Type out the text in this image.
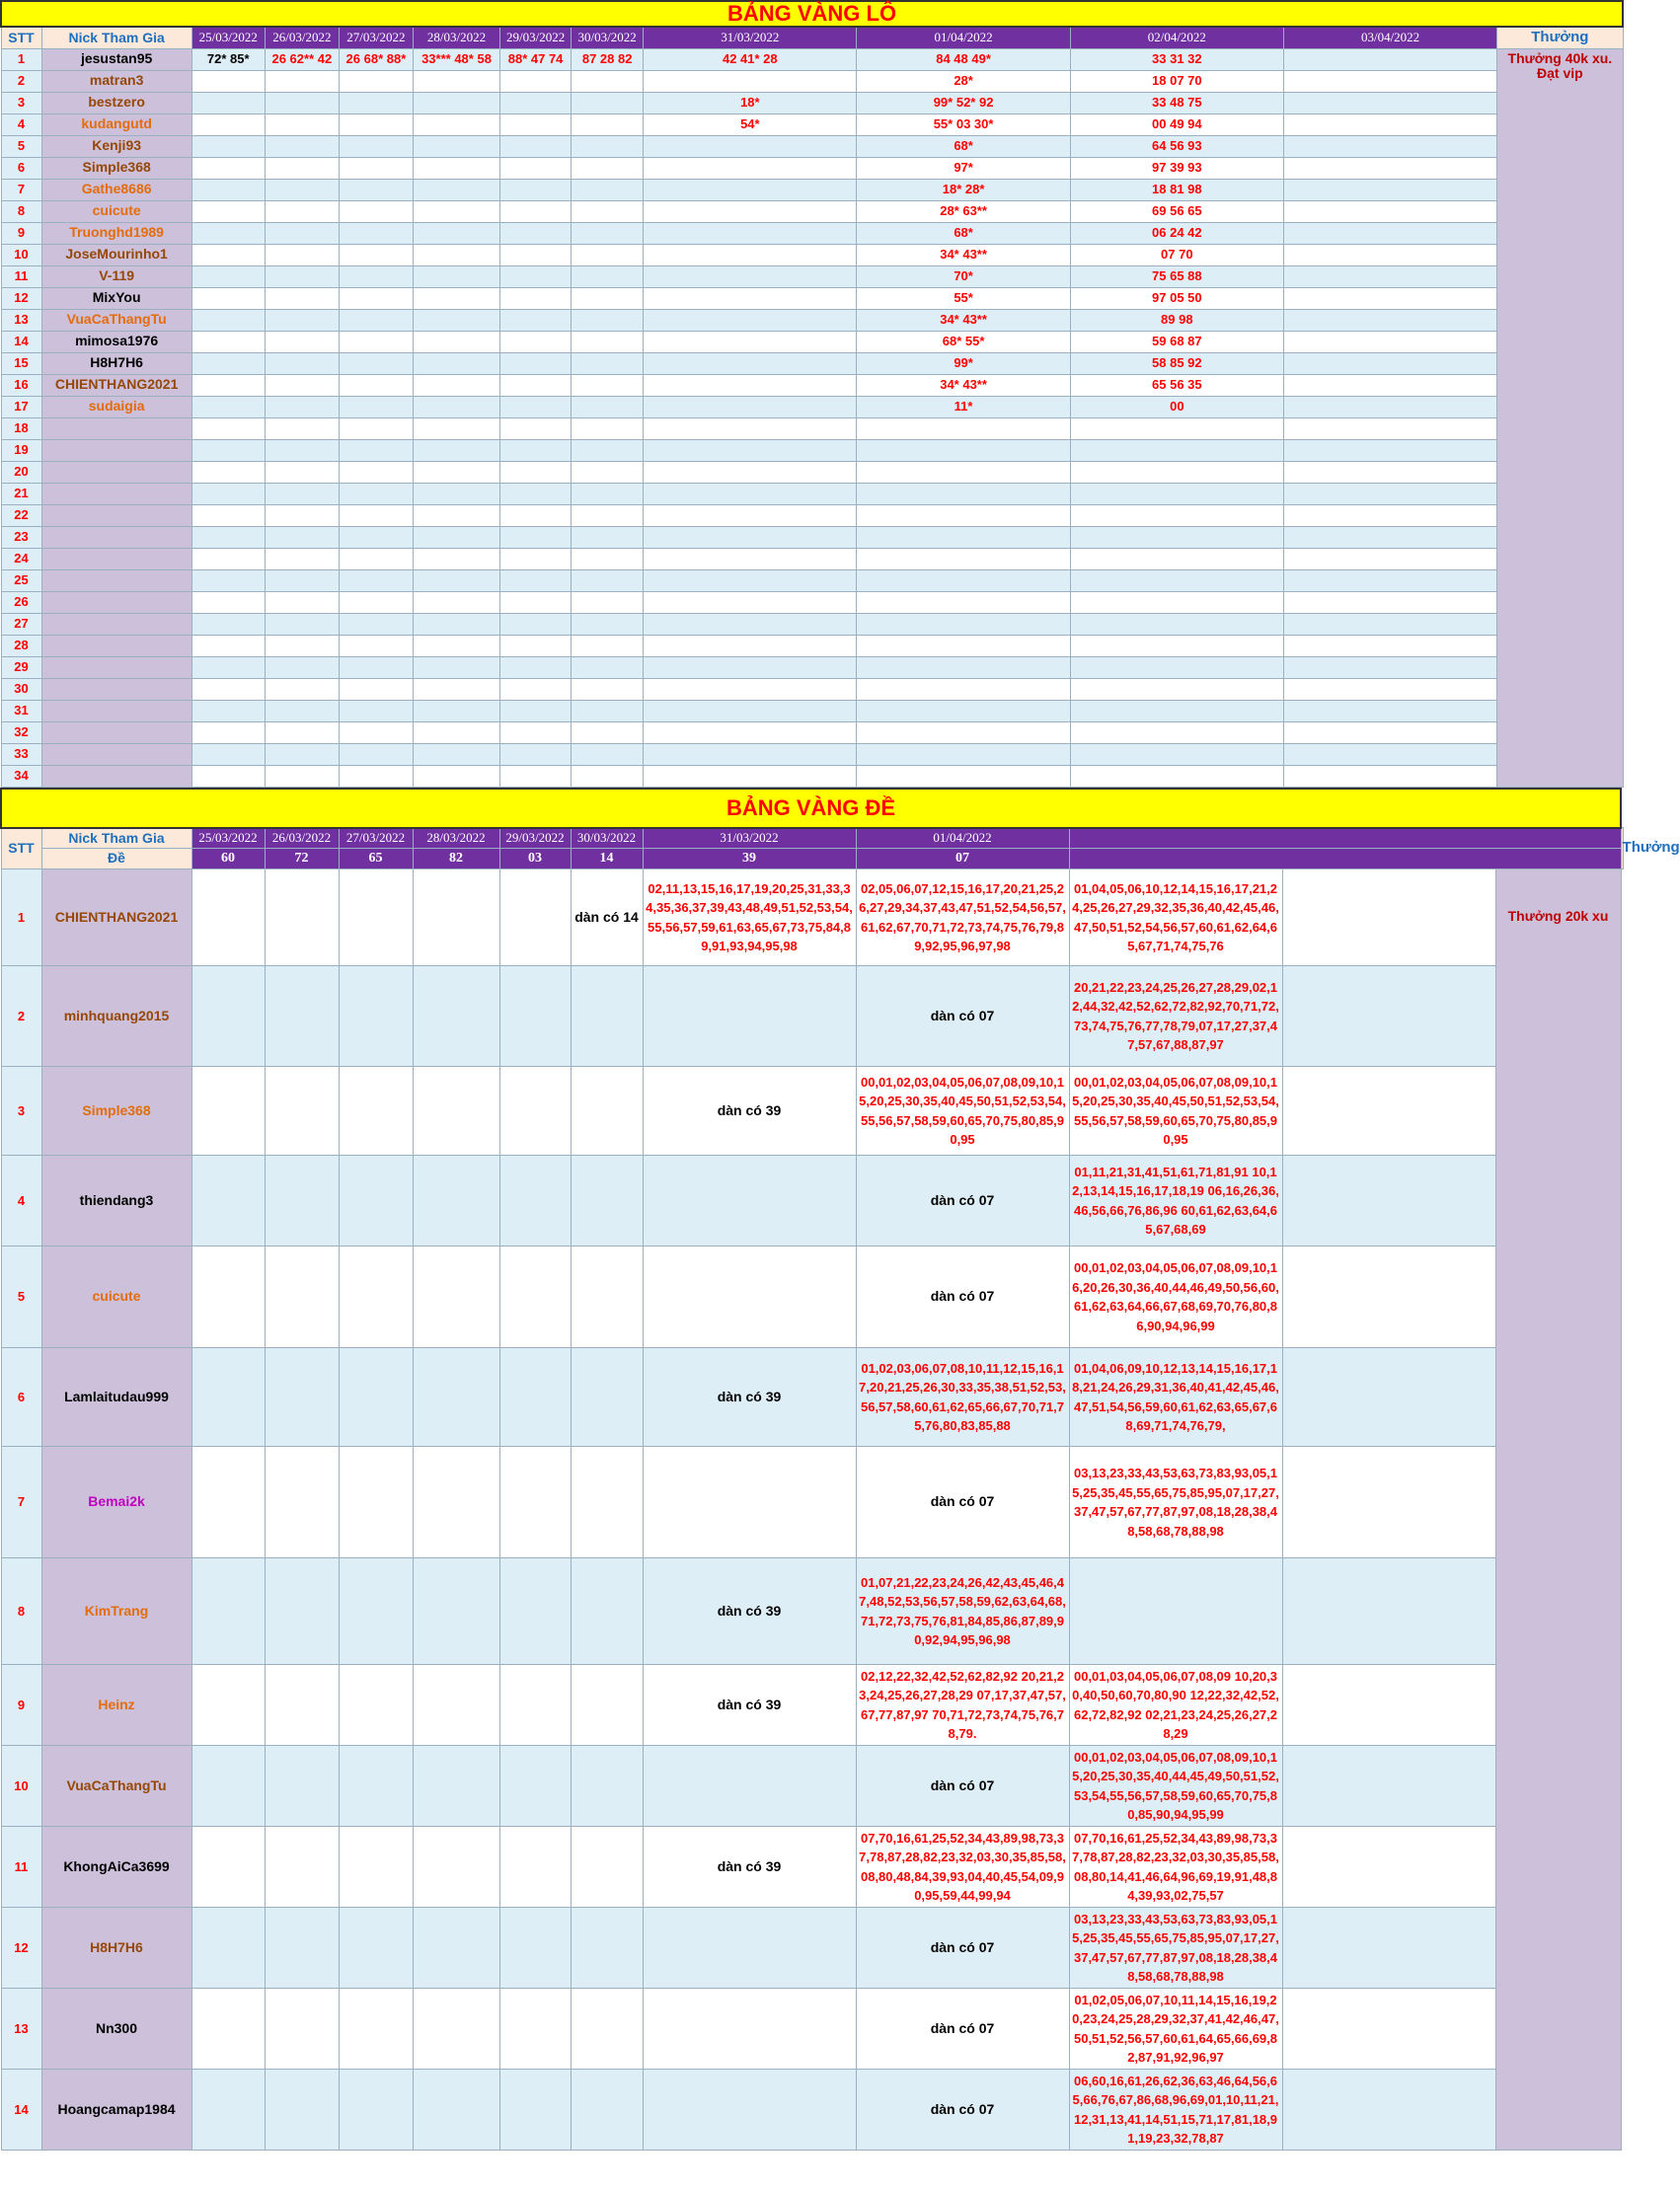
BẢNG VÀNG LÔ												
STT	Nick Tham Gia	25/03/2022	26/03/2022	27/03/2022	28/03/2022	29/03/2022	30/03/2022	31/03/2022	01/04/2022	02/04/2022	03/04/2022	Thưởng
1	jesustan95	72* 85*	26 62** 42	26 68* 88*	33*** 48* 58	88* 47 74	87 28 82	42 41* 28	84 48 49*	33 31 32		Thưởng 40k xu. Đạt vip
2	matran3								28*	18 07 70		
3	bestzero							18*	99* 52* 92	33 48 75		
4	kudangutd							54*	55* 03 30*	00 49 94		
5	Kenji93								68*	64 56 93		
6	Simple368								97*	97 39 93		
7	Gathe8686								18* 28*	18 81 98		
8	cuicute								28* 63**	69 56 65		
9	Truonghd1989								68*	06 24 42		
10	JoseMourinho1								34* 43**	07 70		
11	V-119								70*	75 65 88		
12	MixYou								55*	97 05 50		
13	VuaCaThangTu								34* 43**	89 98		
14	mimosa1976								68* 55*	59 68 87		
15	H8H7H6								99*	58 85 92		
16	CHIENTHANG2021								34* 43**	65 56 35		
17	sudaigia								11*	00		
18												
19												
20												
21												
22												
23												
24												
25												
26												
27												
28												
29												
30												
31												
32												
33												
34												
BẢNG VÀNG ĐỀ													
STT	Nick Tham Gia	25/03/2022	26/03/2022	27/03/2022	28/03/2022	29/03/2022	30/03/2022	31/03/2022	01/04/2022				Thưởng
	Đề	60	72	65	82	03	14	39	07				
1	CHIENTHANG2021						dàn có 14	02,11,13,15,16,17,19,20,25,31,33,34,35,36,37,39,43,48,49,51,52,53,54,55,56,57,59,61,63,65,67,73,75,84,89,91,93,94,95,98	02,05,06,07,12,15,16,17,20,21,25,26,27,29,34,37,43,47,51,52,54,56,57,61,62,67,70,71,72,73,74,75,76,79,89,92,95,96,97,98	01,04,05,06,10,12,14,15,16,17,21,24,25,26,27,29,32,35,36,40,42,45,46,47,50,51,52,54,56,57,60,61,62,64,65,67,71,74,75,76		Thưởng 20k xu	
2	minhquang2015								dàn có 07	20,21,22,23,24,25,26,27,28,29,02,12,44,32,42,52,62,72,82,92,70,71,72,73,74,75,76,77,78,79,07,17,27,37,47,57,67,88,87,97			
3	Simple368							dàn có 39	00,01,02,03,04,05,06,07,08,09,10,15,20,25,30,35,40,45,50,51,52,53,54,55,56,57,58,59,60,65,70,75,80,85,90,95	00,01,02,03,04,05,06,07,08,09,10,15,20,25,30,35,40,45,50,51,52,53,54,55,56,57,58,59,60,65,70,75,80,85,90,95			
4	thiendang3								dàn có 07	01,11,21,31,41,51,61,71,81,91 10,12,13,14,15,16,17,18,19 06,16,26,36,46,56,66,76,86,96 60,61,62,63,64,65,67,68,69			
5	cuicute								dàn có 07	00,01,02,03,04,05,06,07,08,09,10,16,20,26,30,36,40,44,46,49,50,56,60,61,62,63,64,66,67,68,69,70,76,80,86,90,94,96,99			
6	Lamlaitudau999							dàn có 39	01,02,03,06,07,08,10,11,12,15,16,17,20,21,25,26,30,33,35,38,51,52,53,56,57,58,60,61,62,65,66,67,70,71,75,76,80,83,85,88	01,04,06,09,10,12,13,14,15,16,17,18,21,24,26,29,31,36,40,41,42,45,46,47,51,54,56,59,60,61,62,63,65,67,68,69,71,74,76,79,			
7	Bemai2k								dàn có 07	03,13,23,33,43,53,63,73,83,93,05,15,25,35,45,55,65,75,85,95,07,17,27,37,47,57,67,77,87,97,08,18,28,38,48,58,68,78,88,98			
8	KimTrang							dàn có 39	01,07,21,22,23,24,26,42,43,45,46,47,48,52,53,56,57,58,59,62,63,64,68,71,72,73,75,76,81,84,85,86,87,89,90,92,94,95,96,98				
9	Heinz							dàn có 39	02,12,22,32,42,52,62,82,92 20,21,23,24,25,26,27,28,29 07,17,37,47,57,67,77,87,97 70,71,72,73,74,75,76,78,79.	00,01,03,04,05,06,07,08,09 10,20,30,40,50,60,70,80,90 12,22,32,42,52,62,72,82,92 02,21,23,24,25,26,27,28,29			
10	VuaCaThangTu								dàn có 07	00,01,02,03,04,05,06,07,08,09,10,15,20,25,30,35,40,44,45,49,50,51,52,53,54,55,56,57,58,59,60,65,70,75,80,85,90,94,95,99			
11	KhongAiCa3699							dàn có 39	07,70,16,61,25,52,34,43,89,98,73,37,78,87,28,82,23,32,03,30,35,85,58,08,80,48,84,39,93,04,40,45,54,09,90,95,59,44,99,94	07,70,16,61,25,52,34,43,89,98,73,37,78,87,28,82,23,32,03,30,35,85,58,08,80,14,41,46,64,96,69,19,91,48,84,39,93,02,75,57			
12	H8H7H6								dàn có 07	03,13,23,33,43,53,63,73,83,93,05,15,25,35,45,55,65,75,85,95,07,17,27,37,47,57,67,77,87,97,08,18,28,38,48,58,68,78,88,98			
13	Nn300								dàn có 07	01,02,05,06,07,10,11,14,15,16,19,20,23,24,25,28,29,32,37,41,42,46,47,50,51,52,56,57,60,61,64,65,66,69,82,87,91,92,96,97			
14	Hoangcamap1984								dàn có 07	06,60,16,61,26,62,36,63,46,64,56,65,66,76,67,86,68,96,69,01,10,11,21,12,31,13,41,14,51,15,71,17,81,18,91,19,23,32,78,87			
